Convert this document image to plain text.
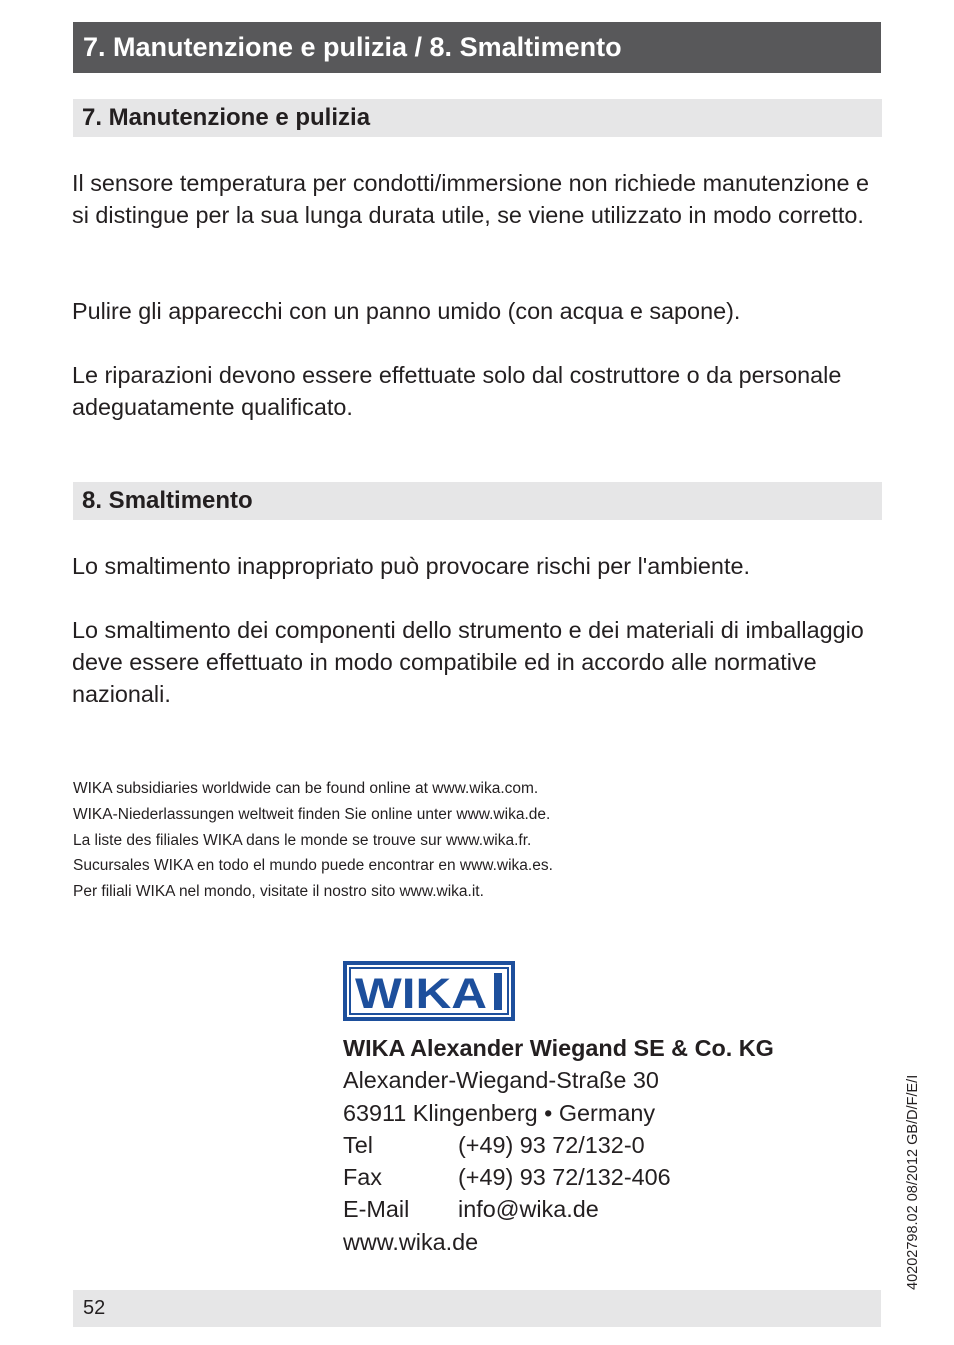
7. Manutenzione e pulizia / 8. Smaltimento
7. Manutenzione e pulizia

Il sensore temperatura per condotti/immersione non richiede manutenzione e si distingue per la sua lunga durata utile, se viene utilizzato in modo corretto.

Pulire gli apparecchi con un panno umido (con acqua e sapone).

Le riparazioni devono essere effettuate solo dal costruttore o da personale adeguatamente qualificato.

8. Smaltimento

Lo smaltimento inappropriato può provocare rischi per l'ambiente.

Lo smaltimento dei componenti dello strumento e dei materiali di imballaggio deve essere effettuato in modo compatibile ed in accordo alle normative nazionali.

WIKA subsidiaries worldwide can be found online at www.wika.com.
WIKA-Niederlassungen weltweit finden Sie online unter www.wika.de.
La liste des filiales WIKA dans le monde se trouve sur www.wika.fr.
Sucursales WIKA en todo el mundo puede encontrar en www.wika.es.
Per filiali WIKA nel mondo, visitate il nostro sito www.wika.it.
WIKA
WIKA Alexander Wiegand SE & Co. KG
Alexander-Wiegand-Straße 30
63911 Klingenberg • Germany
Tel	(+49) 93 72/132-0
Fax	(+49) 93 72/132-406
E-Mail info@wika.de
www.wika.de	40202798.02 08/2012 GB/D/F/E/I
52
